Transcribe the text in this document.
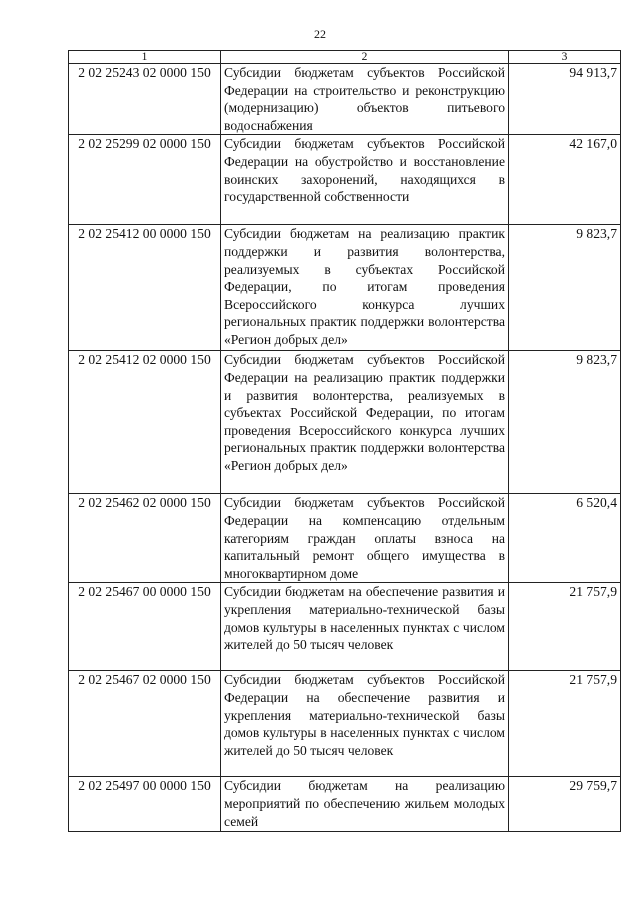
22
1	2	3
2 02 25243 02 0000 150	Субсидии бюджетам субъектов Российской Федерации на строительство и реконструкцию (модернизацию) объектов питьевого водоснабжения	94 913,7
2 02 25299 02 0000 150	Субсидии бюджетам субъектов Российской Федерации на обустройство и восстановление воинских захоронений, находящихся в государственной собственности	42 167,0
2 02 25412 00 0000 150	Субсидии бюджетам на реализацию практик поддержки и развития волонтерства, реализуемых в субъектах Российской Федерации, по итогам проведения Всероссийского конкурса лучших региональных практик поддержки волонтерства «Регион добрых дел»	9 823,7
2 02 25412 02 0000 150	Субсидии бюджетам субъектов Российской Федерации на реализацию практик поддержки и развития волонтерства, реализуемых в субъектах Российской Федерации, по итогам проведения Всероссийского конкурса лучших региональных практик поддержки волонтерства «Регион добрых дел»	9 823,7
2 02 25462 02 0000 150	Субсидии бюджетам субъектов Российской Федерации на компенсацию отдельным категориям граждан оплаты взноса на капитальный ремонт общего имущества в многоквартирном доме	6 520,4
2 02 25467 00 0000 150	Субсидии бюджетам на обеспечение развития и укрепления материально-технической базы домов культуры в населенных пунктах с числом жителей до 50 тысяч человек	21 757,9
2 02 25467 02 0000 150	Субсидии бюджетам субъектов Российской Федерации на обеспечение развития и укрепления материально-технической базы домов культуры в населенных пунктах с числом жителей до 50 тысяч человек	21 757,9
2 02 25497 00 0000 150	Субсидии бюджетам на реализацию мероприятий по обеспечению жильем молодых семей	29 759,7
